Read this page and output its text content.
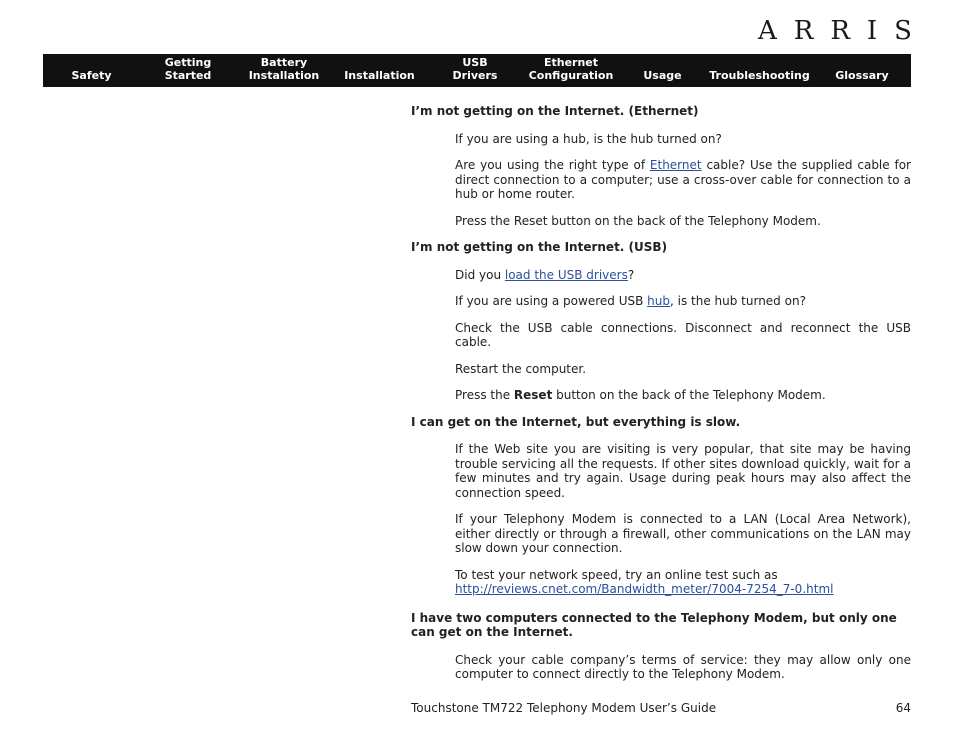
A R R I S
Safety
Getting
Started
Battery
Installation Installation
USB
Drivers
Ethernet
Configuration	Usage	Troubleshooting Glossary
I’m not getting on the Internet. (Ethernet)
If you are using a hub, is the hub turned on?
Are you using the right type of Ethernet cable? Use the supplied cable for direct connection to a computer; use a cross-over cable for connection to a hub or home router.
Press the Reset button on the back of the Telephony Modem.
I’m not getting on the Internet. (USB)
Did you load the USB drivers?
If you are using a powered USB hub, is the hub turned on?
Check the USB cable connections. Disconnect and reconnect the USB cable.
Restart the computer.
Press the Reset button on the back of the Telephony Modem.
I can get on the Internet, but everything is slow.
If the Web site you are visiting is very popular, that site may be having trouble servicing all the requests. If other sites download quickly, wait for a few minutes and try again. Usage during peak hours may also affect the connection speed.
If your Telephony Modem is connected to a LAN (Local Area Network), either directly or through a firewall, other communications on the LAN may slow down your connection.
To test your network speed, try an online test such as
http://reviews.cnet.com/Bandwidth_meter/7004-7254_7-0.html
I have two computers connected to the Telephony Modem, but only one can get on the Internet.
Check your cable company’s terms of service: they may allow only one computer to connect directly to the Telephony Modem.
Touchstone TM722 Telephony Modem User’s Guide	64
